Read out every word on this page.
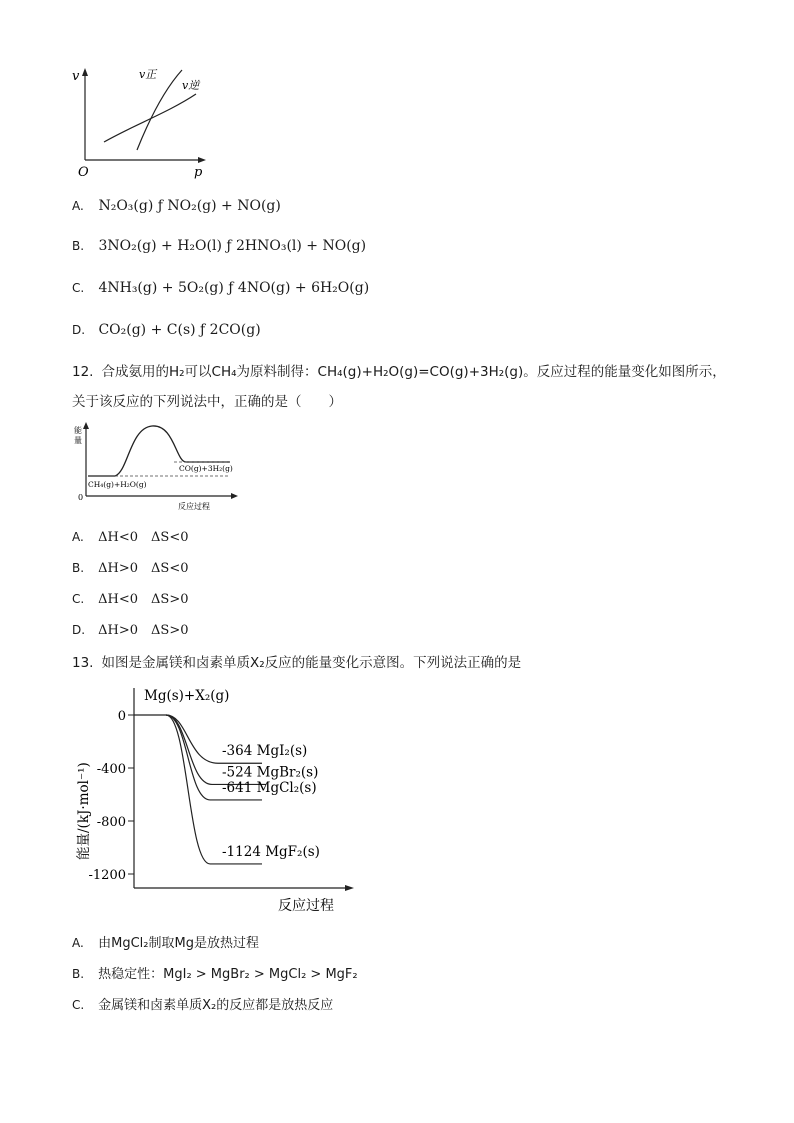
v
p
O
v正
v逆
A. N₂O₃(g) ƒ NO₂(g) + NO(g)
B. 3NO₂(g) + H₂O(l) ƒ 2HNO₃(l) + NO(g)
C. 4NH₃(g) + 5O₂(g) ƒ 4NO(g) + 6H₂O(g)
D. CO₂(g) + C(s) ƒ 2CO(g)
12. 合成氨用的H₂可以CH₄为原料制得：CH₄(g)+H₂O(g)=CO(g)+3H₂(g)。反应过程的能量变化如图所示，
关于该反应的下列说法中，正确的是（　　）
能量
0
反应过程
CH₄(g)+H₂O(g)
CO(g)+3H₂(g)
A. ΔH<0　ΔS<0
B. ΔH>0　ΔS<0
C. ΔH<0　ΔS>0
D. ΔH>0　ΔS>0
13. 如图是金属镁和卤素单质X₂反应的能量变化示意图。下列说法正确的是
Mg(s)+X₂(g)
能量/(kJ·mol⁻¹)
反应过程
0
-400
-800
-1200
-364 MgI₂(s)
-524 MgBr₂(s)
-641 MgCl₂(s)
-1124 MgF₂(s)
A. 由MgCl₂制取Mg是放热过程
B. 热稳定性：MgI₂ > MgBr₂ > MgCl₂ > MgF₂
C. 金属镁和卤素单质X₂的反应都是放热反应
